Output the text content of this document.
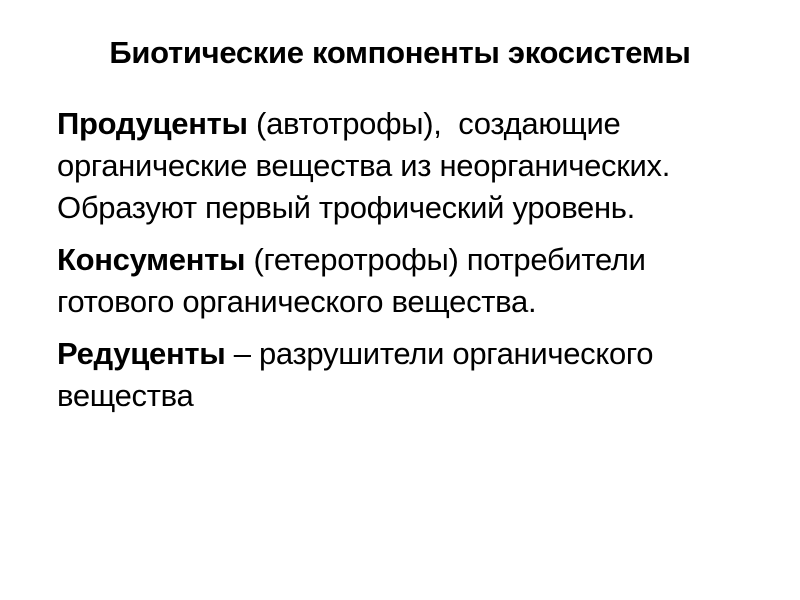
Биотические компоненты экосистемы
Продуценты (автотрофы),  создающие
органические вещества из неорганических.
Образуют первый трофический уровень.
Консументы (гетеротрофы) потребители
готового органического вещества.
Редуценты – разрушители органического
вещества
